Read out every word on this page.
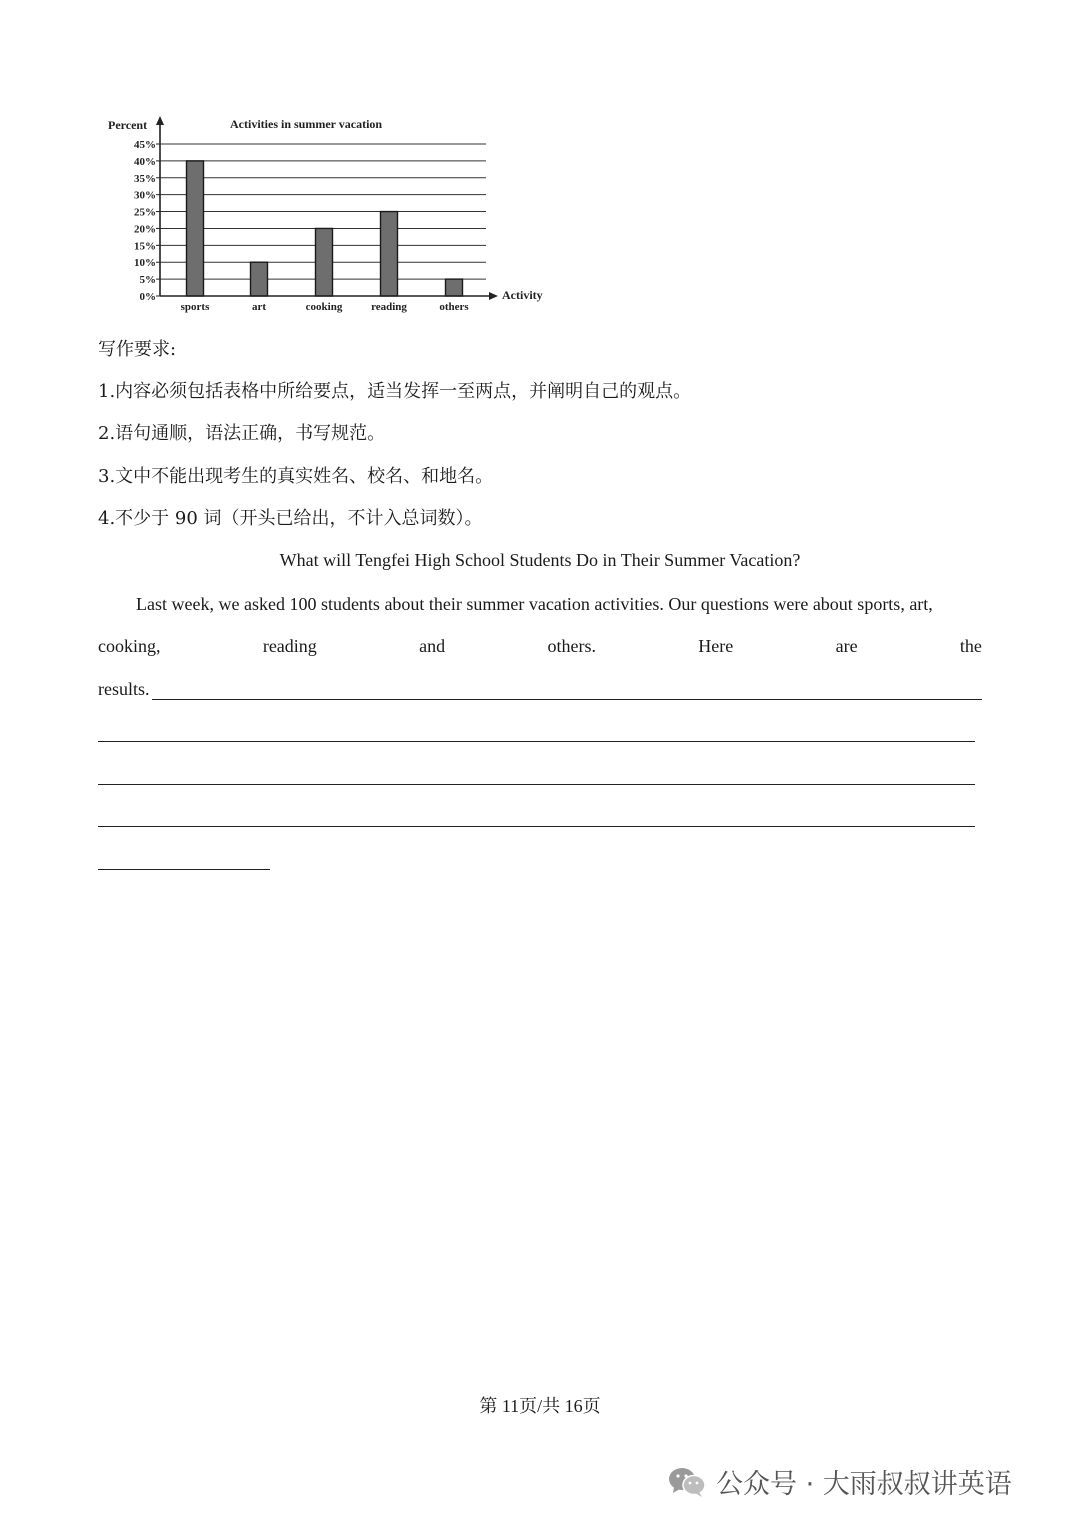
0%
5%
10%
15%
20%
25%
30%
35%
40%
45%
sports	art	cooking	reading	others
Percent	Activities in summer vacation
Activity
写作要求:
1.内容必须包括表格中所给要点，适当发挥一至两点，并阐明自己的观点。
2.语句通顺，语法正确，书写规范。
3.文中不能出现考生的真实姓名、校名、和地名。
4.不少于 90 词（开头已给出，不计入总词数）。
What will Tengfei High School Students Do in Their Summer Vacation?
Last week, we asked 100 students about their summer vacation activities. Our questions were about sports, art,
cooking,	reading	and	others.	Here	are	the
results.
第 11页/共 16页
公众号 · 大雨叔叔讲英语
